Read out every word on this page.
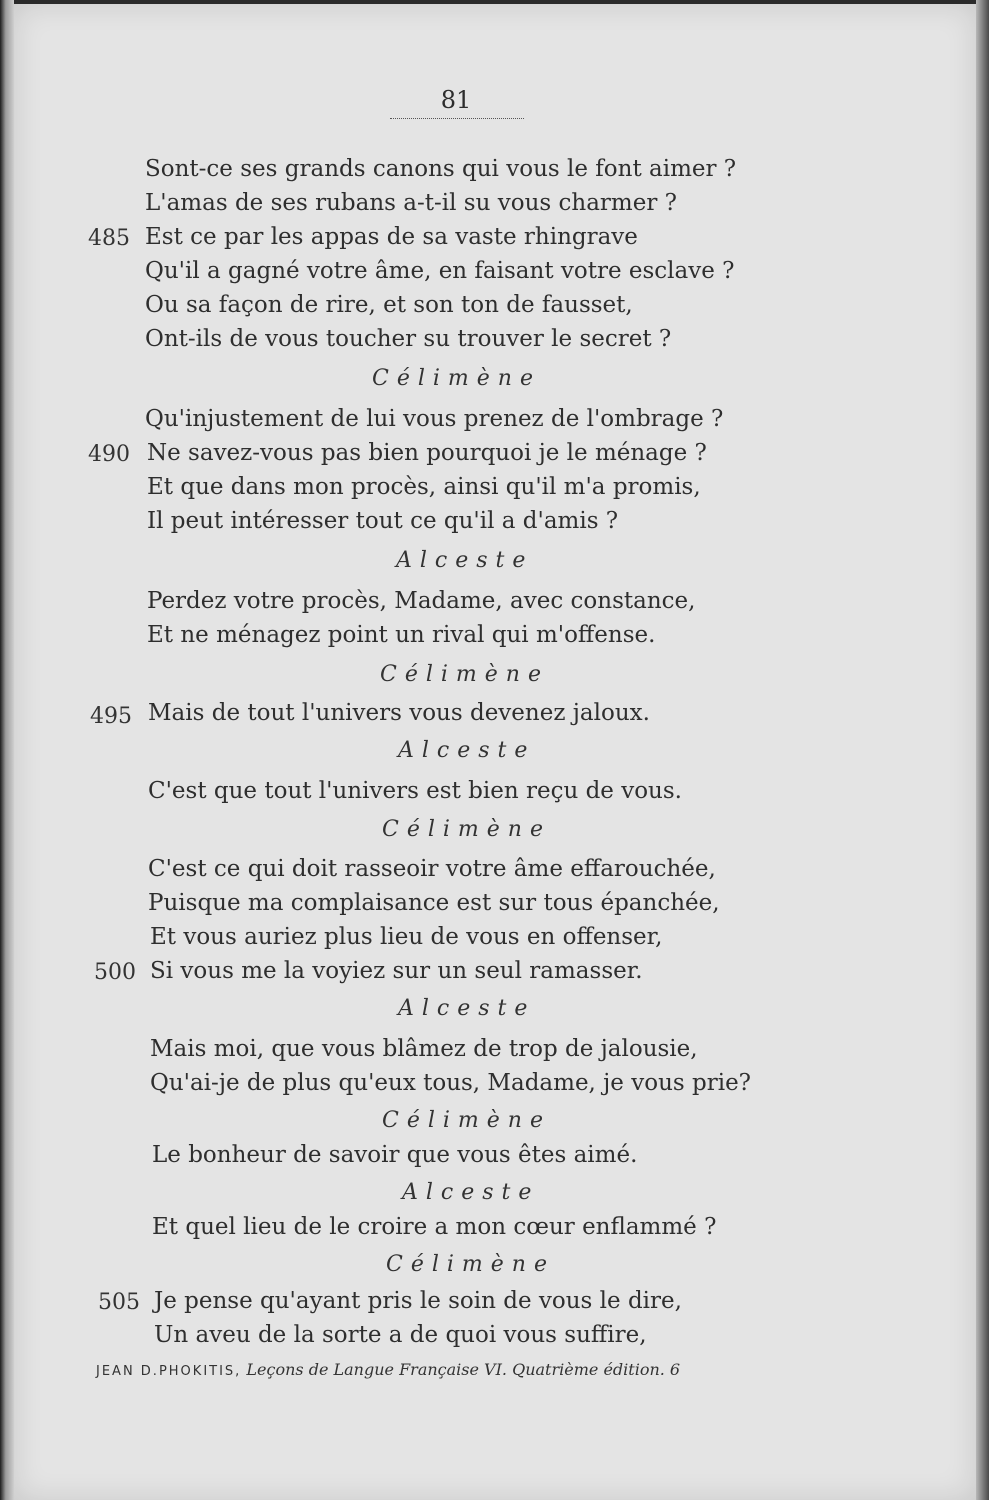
81
Sont-ce ses grands canons qui vous le font aimer ?
L'amas de ses rubans a-t-il su vous charmer ?
485 Est ce par les appas de sa vaste rhingrave
Qu'il a gagné votre âme, en faisant votre esclave ?
Ou sa façon de rire, et son ton de fausset,
Ont-ils de vous toucher su trouver le secret ?
Célimène
Qu'injustement de lui vous prenez de l'ombrage ?
490 Ne savez-vous pas bien pourquoi je le ménage ?
Et que dans mon procès, ainsi qu'il m'a promis,
Il peut intéresser tout ce qu'il a d'amis ?
Alceste
Perdez votre procès, Madame, avec constance,
Et ne ménagez point un rival qui m'offense.
Célimène
495 Mais de tout l'univers vous devenez jaloux.
Alceste
C'est que tout l'univers est bien reçu de vous.
Célimène
C'est ce qui doit rasseoir votre âme effarouchée,
Puisque ma complaisance est sur tous épanchée,
Et vous auriez plus lieu de vous en offenser,
500 Si vous me la voyiez sur un seul ramasser.
Alceste
Mais moi, que vous blâmez de trop de jalousie,
Qu'ai-je de plus qu'eux tous, Madame, je vous prie?
Célimène
Le bonheur de savoir que vous êtes aimé.
Alceste
Et quel lieu de le croire a mon cœur enflammé ?
Célimène
505 Je pense qu'ayant pris le soin de vous le dire,
Un aveu de la sorte a de quoi vous suffire,
JEAN D.PHOKITIS, Leçons de Langue Française VI. Quatrième édition. 6
